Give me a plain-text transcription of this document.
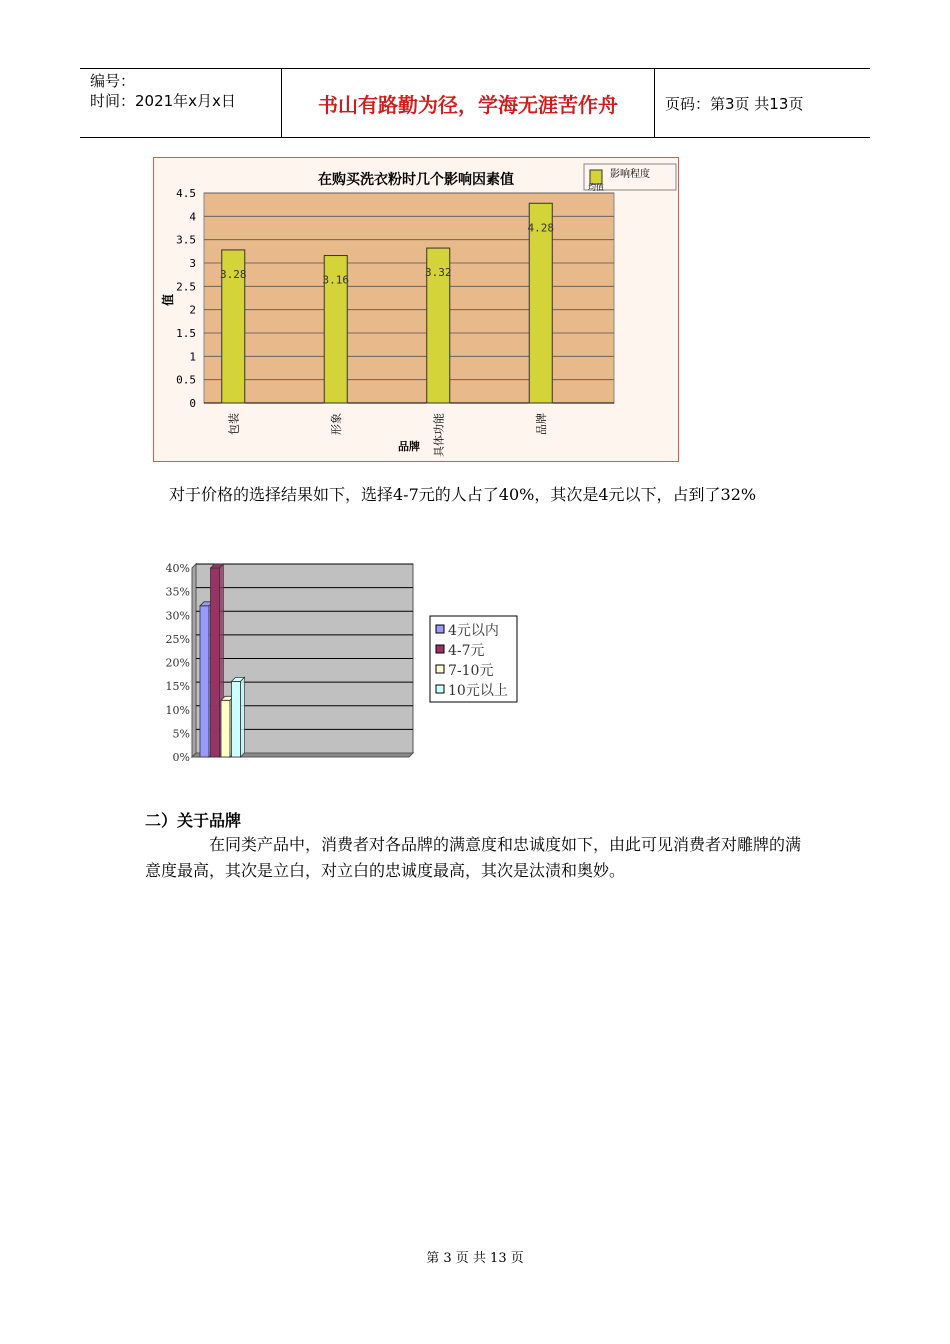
编号：
时间：2021年x月x日	书山有路勤为径，学海无涯苦作舟	页码：第3页 共13页
0
0.5
1
1.5
2
2.5
3
3.5
4
4.5
在购买洗衣粉时几个影响因素值
3.28
包装
3.16
形象
3.32
具体功能
4.28
品牌
品牌
值
影响程度
均值
对于价格的选择结果如下，选择4-7元的人占了40%，其次是4元以下，占到了32%
0%
5%
10%
15%
20%
25%
30%
35%
40%
4元以内
4-7元
7-10元
10元以上
二）关于品牌
在同类产品中，消费者对各品牌的满意度和忠诚度如下，由此可见消费者对雕牌的满意度最高，其次是立白，对立白的忠诚度最高，其次是汰渍和奥妙。
第 3 页 共 13 页
